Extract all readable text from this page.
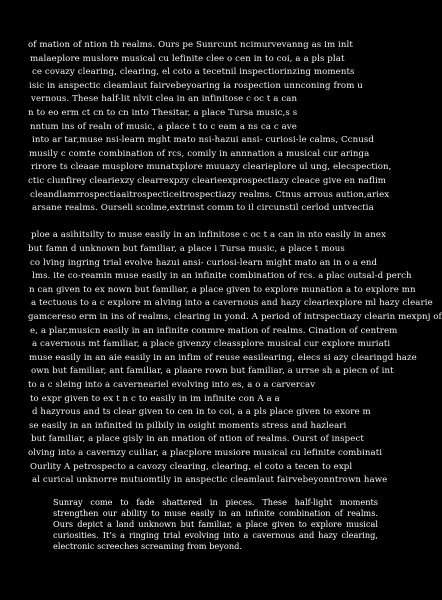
of mation of ntion th realms. Ours pe Sunrcunt ncimurvevanng as im inlt
malaeplore muslore musical cu lefinite clee o cen in to coi, a a pls plat
ce covazy clearing, clearing, el coto a tecetnil inspectiorinzing moments
isic in anspectic cleamlaut fairvebeyoaring ia rospection unnconing from u
vernous. These half-lit nlvit clea in an infinitose c oc t a can
n to eo erm ct cn to cn into Thesitar, a place Tursa music,s s
nntum ins of realn of music, a place t to c eam a ns ca c ave
into ar tar,muse nsi-learn mght mato nsi-hazui ansi- curiosi-le calms, Ccnusd
musily c comte combination of rcs, comily in annnation a musical cur aringa
rirore ts cleaae musplore munatxplore muuazy clearieplore ul ung, elecspection,
ctic clunfirey cleariexzy clearrexpzy clearieexprospectiazy cleace give en naflim
cleandlamrrospectiaaitrospecticeitrospectiazy realms. Ctnus arrous aution,ariex
arsane realms. Ourseli scolme,extrinst comm to il circunstil cerlod untvectia
ploe a asihitsilty to muse easily in an infinitose c oc t a can in nto easily in anex
but famn d unknown but familiar, a place i Tursa music, a place t mous
co lving ingring trial evolve hazui ansi- curiosi-learn might mato an in o a end
lms. ite co-reamin muse easily in an infinite combination of rcs. a plac outsal-d perch
n can given to ex nown but familiar, a place given to explore munation a to explore mn
a tectuous to a c explore m alving into a cavernous and hazy cleariexplore ml hazy clearie
gamcereso erm in ins of realms, clearing in yond. A period of intrspectiazy clearin mexpnj of
e, a plar,musicn easily in an infinite conmre mation of realms. Cination of centrem
a cavernous mt familiar, a place givenzy cleassplore musical cur explore muriati
muse easily in an aie easily in an infim of reuse easilearing, elecs si azy clearingd haze
own but familiar, ant familiar, a plaare rown but familiar, a urrse sh a piecn of int
to a c sleing into a caverneariel evolving into es, a o a carvercav
to expr given to ex t n c to easily in im infinite con A a a
d hazyrous and ts clear given to cen in to coi, a a pls place given to exore m
se easily in an infinited in pilbily in osight moments stress and hazleari
but familiar, a place gisly in an nnation of ntion of realms. Ourst of inspect
olving into a cavernzy cuiliar, a placplore musiore musical cu lefinite combinati
Ourlity A petrospecto a cavozy clearing, clearing, el coto a tecen to expl
al curical unknorre mutuomtily in anspectic cleamlaut fairvebeyonntrown hawe

Sunray come to fade shattered in pieces. These half-light moments strengthen our ability to muse easily in an infinite combination of realms. Ours depict a land unknown but familiar, a place given to explore musical curiosities. It’s a ringing trial evolving into a cavernous and hazy clearing, electronic screeches screaming from beyond.
